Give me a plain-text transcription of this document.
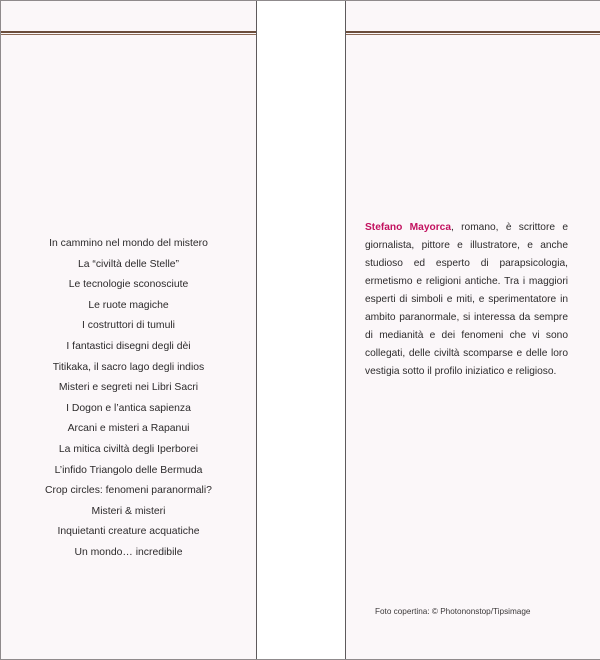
In cammino nel mondo del mistero
La “civiltà delle Stelle”
Le tecnologie sconosciute
Le ruote magiche
I costruttori di tumuli
I fantastici disegni degli dèi
Titikaka, il sacro lago degli indios
Misteri e segreti nei Libri Sacri
I Dogon e l’antica sapienza
Arcani e misteri a Rapanui
La mitica civiltà degli Iperborei
L’infido Triangolo delle Bermuda
Crop circles: fenomeni paranormali?
Misteri & misteri
Inquietanti creature acquatiche
Un mondo… incredibile

Stefano Mayorca, romano, è scrittore e giornalista, pittore e illustratore, e anche studioso ed esperto di parapsicologia, ermetismo e religioni antiche. Tra i maggiori esperti di simboli e miti, e sperimentatore in ambito paranormale, si interessa da sempre di medianità e dei fenomeni che vi sono collegati, delle civiltà scomparse e delle loro vestigia sotto il profilo iniziatico e religioso.

Foto copertina: © Photononstop/Tipsimage
